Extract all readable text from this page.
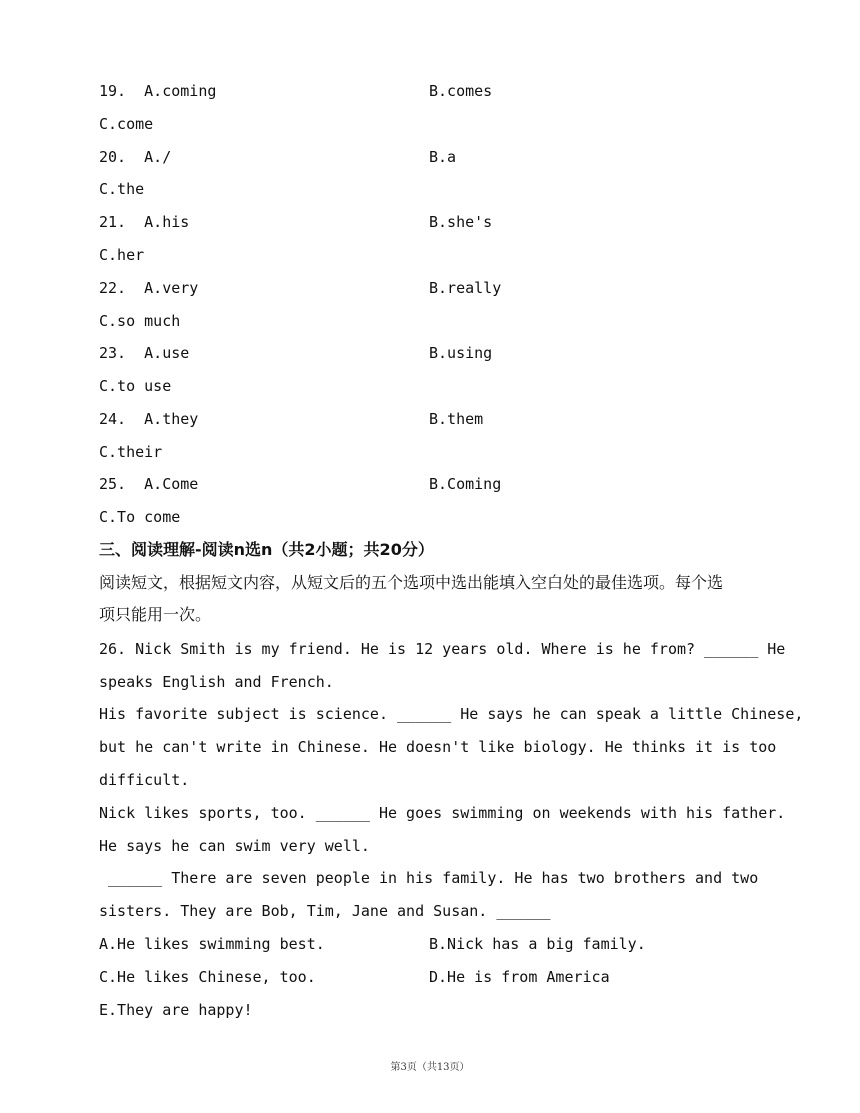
19. A.coming	B.comes
C.come
20. A./	B.a
C.the
21. A.his	B.she's
C.her
22. A.very	B.really
C.so much
23. A.use	B.using
C.to use
24. A.they	B.them
C.their
25. A.Come	B.Coming
C.To come
三、阅读理解-阅读n选n（共2小题；共20分）
阅读短文，根据短文内容，从短文后的五个选项中选出能填入空白处的最佳选项。每个选
项只能用一次。
26. Nick Smith is my friend. He is 12 years old. Where is he from? ______ He
speaks English and French.
His favorite subject is science. ______ He says he can speak a little Chinese,
but he can't write in Chinese. He doesn't like biology. He thinks it is too
difficult.
Nick likes sports, too. ______ He goes swimming on weekends with his father.
He says he can swim very well.
______ There are seven people in his family. He has two brothers and two
sisters. They are Bob, Tim, Jane and Susan. ______
A.He likes swimming best.	B.Nick has a big family.
C.He likes Chinese, too.	D.He is from America
E.They are happy!
第3页（共13页）
